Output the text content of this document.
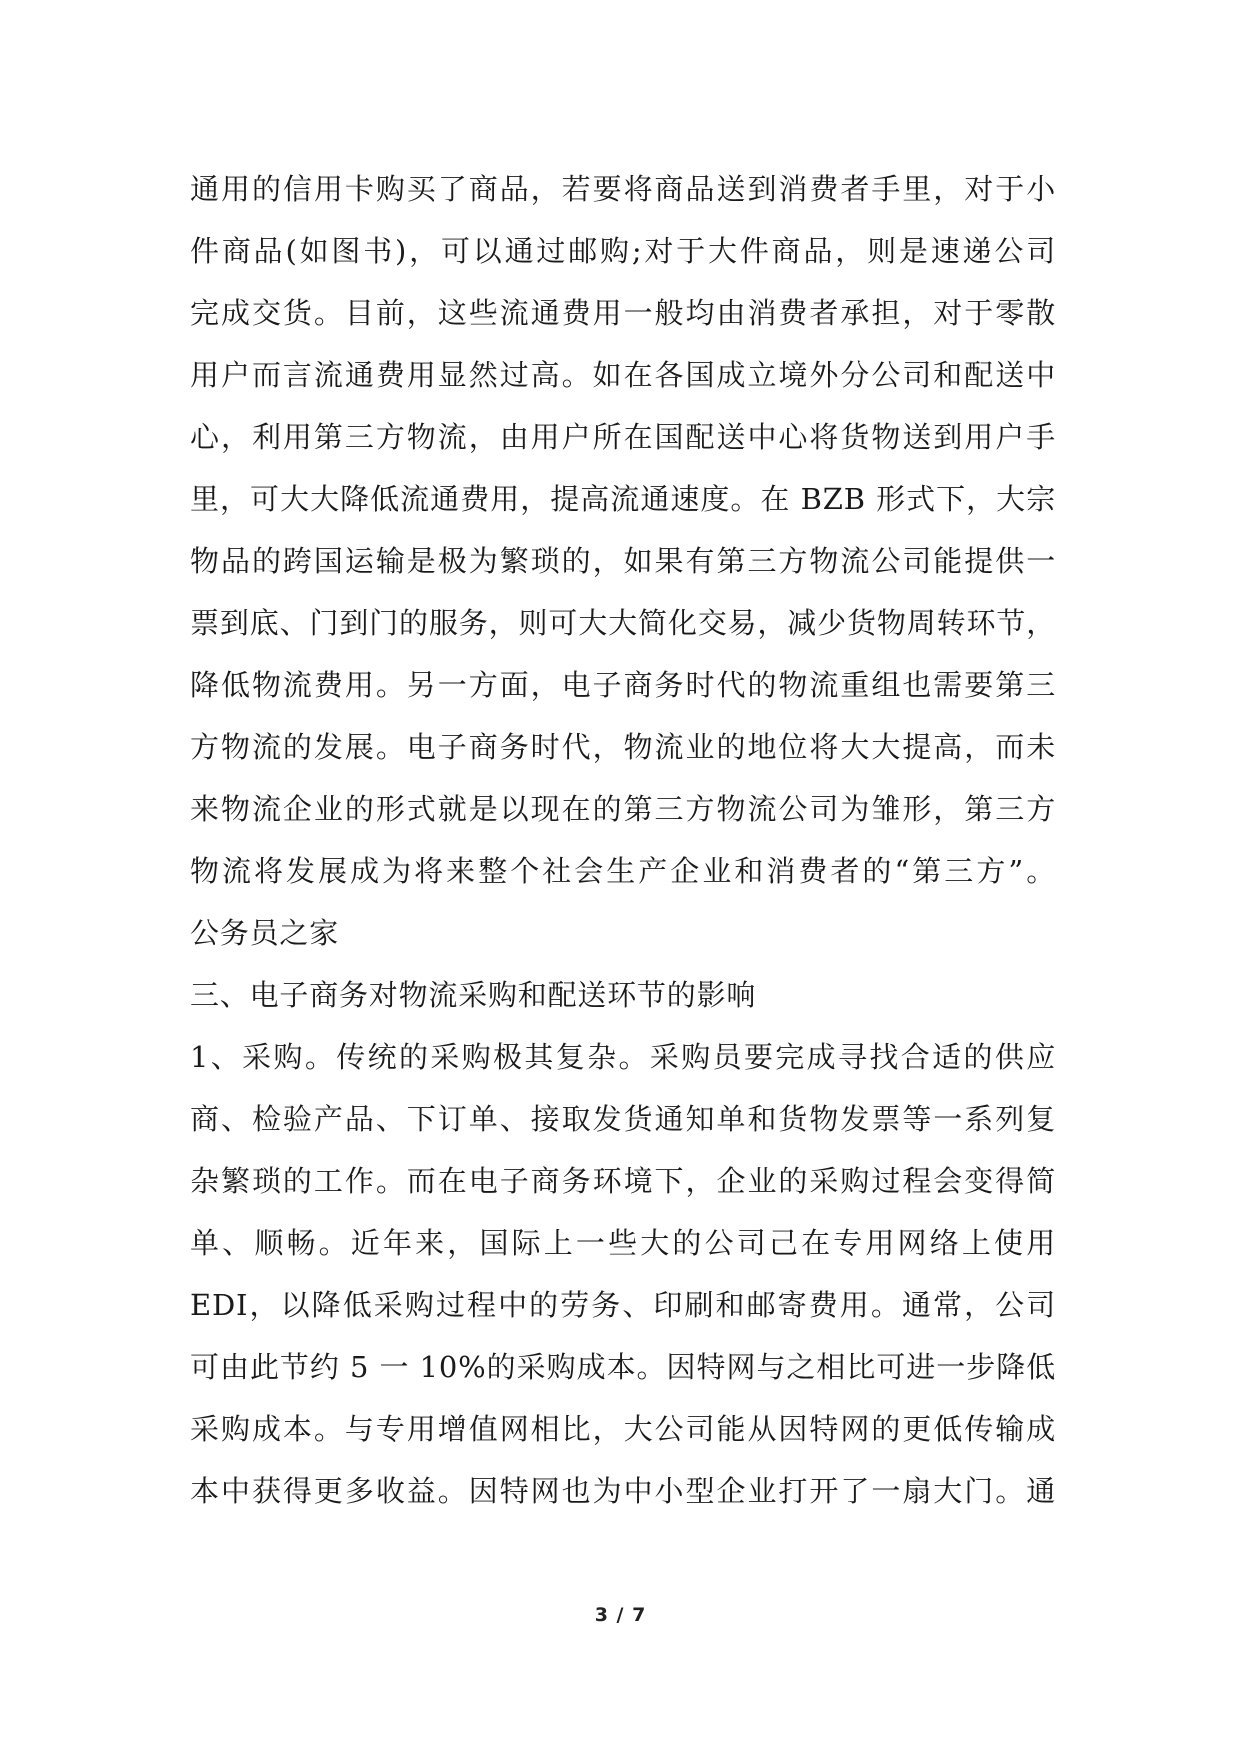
通用的信用卡购买了商品，若要将商品送到消费者手里，对于小
件商品(如图书)，可以通过邮购;对于大件商品，则是速递公司
完成交货。目前，这些流通费用一般均由消费者承担，对于零散
用户而言流通费用显然过高。如在各国成立境外分公司和配送中
心，利用第三方物流，由用户所在国配送中心将货物送到用户手
里，可大大降低流通费用，提高流通速度。在 BZB 形式下，大宗
物品的跨国运输是极为繁琐的，如果有第三方物流公司能提供一
票到底、门到门的服务，则可大大简化交易，减少货物周转环节，
降低物流费用。另一方面，电子商务时代的物流重组也需要第三
方物流的发展。电子商务时代，物流业的地位将大大提高，而未
来物流企业的形式就是以现在的第三方物流公司为雏形，第三方
物流将发展成为将来整个社会生产企业和消费者的“第三方”。
公务员之家
三、电子商务对物流采购和配送环节的影响
1、采购。传统的采购极其复杂。采购员要完成寻找合适的供应
商、检验产品、下订单、接取发货通知单和货物发票等一系列复
杂繁琐的工作。而在电子商务环境下，企业的采购过程会变得简
单、顺畅。近年来，国际上一些大的公司己在专用网络上使用
EDI，以降低采购过程中的劳务、印刷和邮寄费用。通常，公司
可由此节约 5 一 10%的采购成本。因特网与之相比可进一步降低
采购成本。与专用增值网相比，大公司能从因特网的更低传输成
本中获得更多收益。因特网也为中小型企业打开了一扇大门。通
3 / 7
